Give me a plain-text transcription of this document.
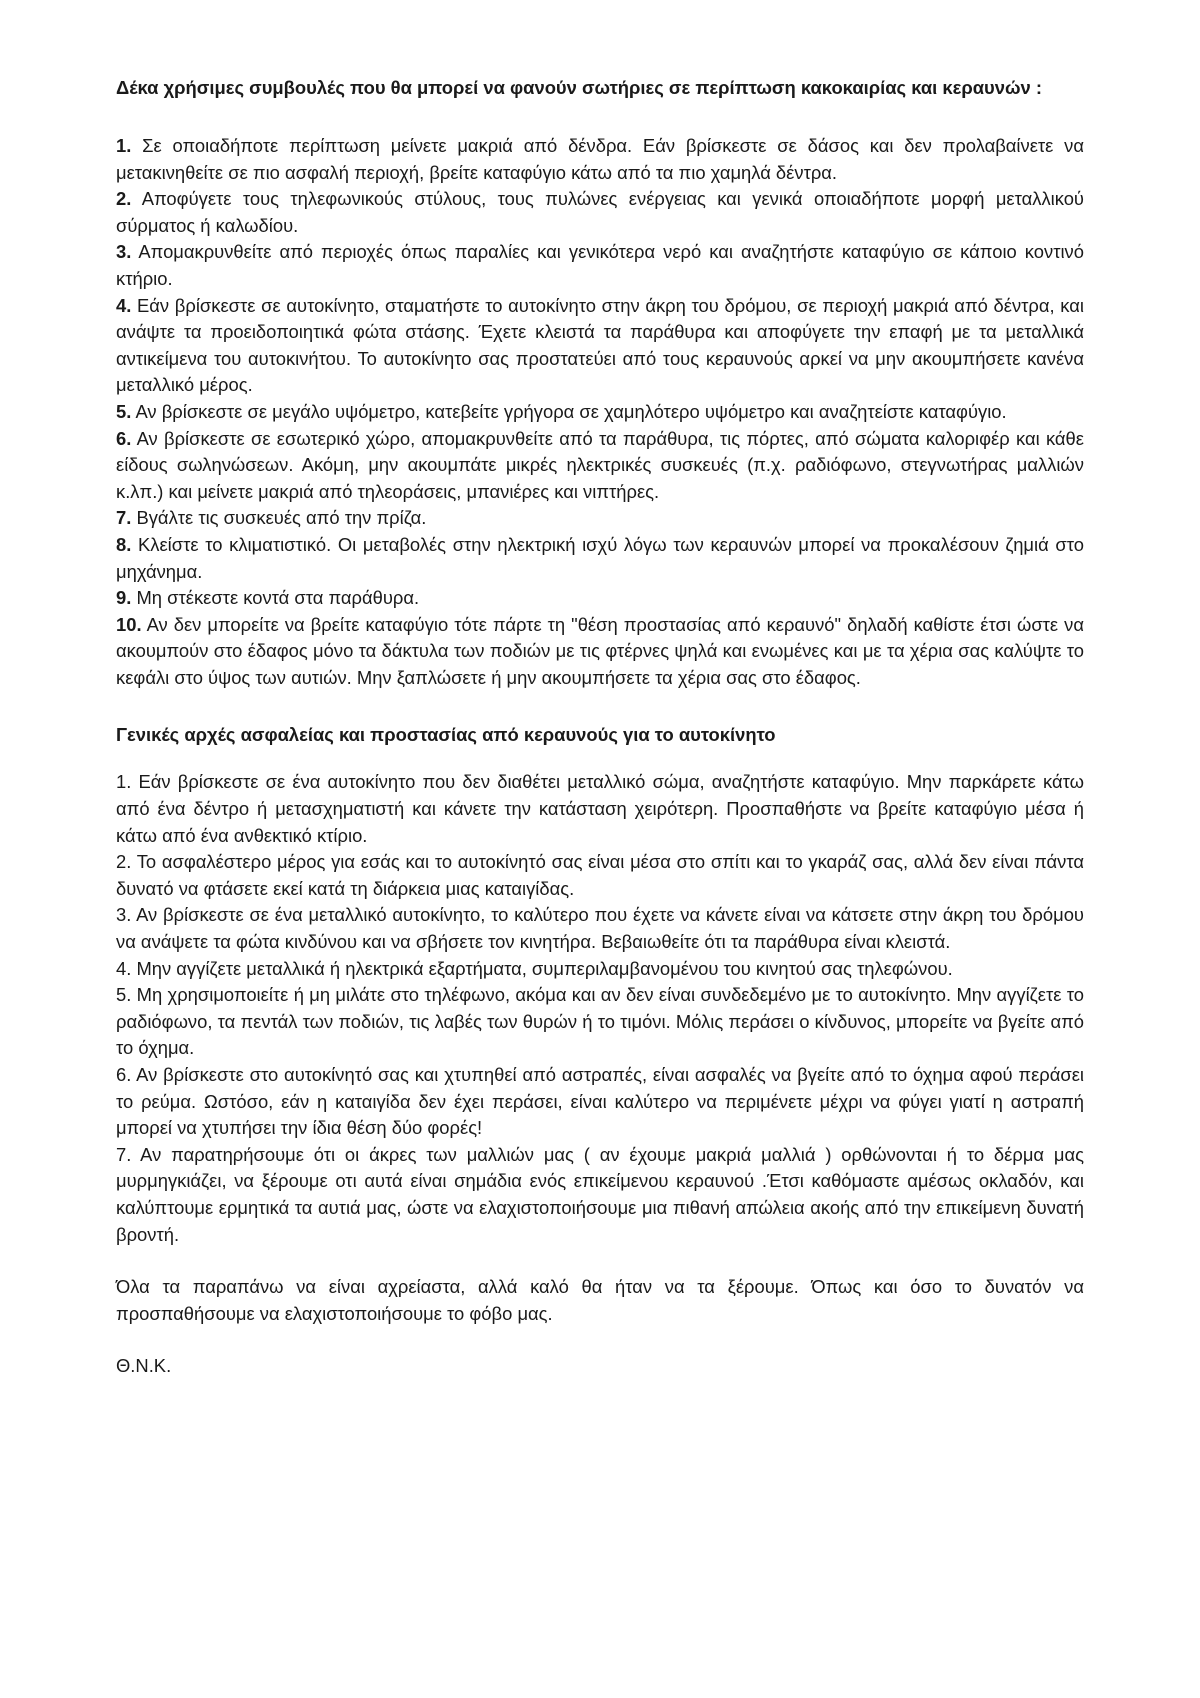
Δέκα χρήσιμες συμβουλές που θα μπορεί να φανούν σωτήριες σε περίπτωση κακοκαιρίας και κεραυνών :

1. Σε οποιαδήποτε περίπτωση μείνετε μακριά από δένδρα. Εάν βρίσκεστε σε δάσος και δεν προλαβαίνετε να μετακινηθείτε σε πιο ασφαλή περιοχή, βρείτε καταφύγιο κάτω από τα πιο χαμηλά δέντρα.

2. Αποφύγετε τους τηλεφωνικούς στύλους, τους πυλώνες ενέργειας και γενικά οποιαδήποτε μορφή μεταλλικού σύρματος ή καλωδίου.

3. Απομακρυνθείτε από περιοχές όπως παραλίες και γενικότερα νερό και αναζητήστε καταφύγιο σε κάποιο κοντινό κτήριο.

4. Εάν βρίσκεστε σε αυτοκίνητο, σταματήστε το αυτοκίνητο στην άκρη του δρόμου, σε περιοχή μακριά από δέντρα, και ανάψτε τα προειδοποιητικά φώτα στάσης. Έχετε κλειστά τα παράθυρα και αποφύγετε την επαφή με τα μεταλλικά αντικείμενα του αυτοκινήτου. Το αυτοκίνητο σας προστατεύει από τους κεραυνούς αρκεί να μην ακουμπήσετε κανένα μεταλλικό μέρος.

5. Αν βρίσκεστε σε μεγάλο υψόμετρο, κατεβείτε γρήγορα σε χαμηλότερο υψόμετρο και αναζητείστε καταφύγιο.

6. Αν βρίσκεστε σε εσωτερικό χώρο, απομακρυνθείτε από τα παράθυρα, τις πόρτες, από σώματα καλοριφέρ και κάθε είδους σωληνώσεων. Ακόμη, μην ακουμπάτε μικρές ηλεκτρικές συσκευές (π.χ. ραδιόφωνο, στεγνωτήρας μαλλιών κ.λπ.) και μείνετε μακριά από τηλεοράσεις, μπανιέρες και νιπτήρες.

7. Βγάλτε τις συσκευές από την πρίζα.

8. Κλείστε το κλιματιστικό. Οι μεταβολές στην ηλεκτρική ισχύ λόγω των κεραυνών μπορεί να προκαλέσουν ζημιά στο μηχάνημα.

9. Μη στέκεστε κοντά στα παράθυρα.

10. Αν δεν μπορείτε να βρείτε καταφύγιο τότε πάρτε τη "θέση προστασίας από κεραυνό" δηλαδή καθίστε έτσι ώστε να ακουμπούν στο έδαφος μόνο τα δάκτυλα των ποδιών με τις φτέρνες ψηλά και ενωμένες και με τα χέρια σας καλύψτε το κεφάλι στο ύψος των αυτιών. Μην ξαπλώσετε ή μην ακουμπήσετε τα χέρια σας στο έδαφος.

Γενικές αρχές ασφαλείας και προστασίας από κεραυνούς για το αυτοκίνητο

1. Εάν βρίσκεστε σε ένα αυτοκίνητο που δεν διαθέτει μεταλλικό σώμα, αναζητήστε καταφύγιο. Μην παρκάρετε κάτω από ένα δέντρο ή μετασχηματιστή και κάνετε την κατάσταση χειρότερη. Προσπαθήστε να βρείτε καταφύγιο μέσα ή κάτω από ένα ανθεκτικό κτίριο.

2. Το ασφαλέστερο μέρος για εσάς και το αυτοκίνητό σας είναι μέσα στο σπίτι και το γκαράζ σας, αλλά δεν είναι πάντα δυνατό να φτάσετε εκεί κατά τη διάρκεια μιας καταιγίδας.

3. Αν βρίσκεστε σε ένα μεταλλικό αυτοκίνητο, το καλύτερο που έχετε να κάνετε είναι να κάτσετε στην άκρη του δρόμου να ανάψετε τα φώτα κινδύνου και να σβήσετε τον κινητήρα. Βεβαιωθείτε ότι τα παράθυρα είναι κλειστά.

4. Μην αγγίζετε μεταλλικά ή ηλεκτρικά εξαρτήματα, συμπεριλαμβανομένου του κινητού σας τηλεφώνου.

5. Μη χρησιμοποιείτε ή μη μιλάτε στο τηλέφωνο, ακόμα και αν δεν είναι συνδεδεμένο με το αυτοκίνητο. Μην αγγίζετε το ραδιόφωνο, τα πεντάλ των ποδιών, τις λαβές των θυρών ή το τιμόνι. Μόλις περάσει ο κίνδυνος, μπορείτε να βγείτε από το όχημα.

6. Αν βρίσκεστε στο αυτοκίνητό σας και χτυπηθεί από αστραπές, είναι ασφαλές να βγείτε από το όχημα αφού περάσει το ρεύμα. Ωστόσο, εάν η καταιγίδα δεν έχει περάσει, είναι καλύτερο να περιμένετε μέχρι να φύγει γιατί η αστραπή μπορεί να χτυπήσει την ίδια θέση δύο φορές!

7. Αν παρατηρήσουμε ότι οι άκρες των μαλλιών μας ( αν έχουμε μακριά μαλλιά ) ορθώνονται ή το δέρμα μας μυρμηγκιάζει, να ξέρουμε οτι αυτά είναι σημάδια ενός επικείμενου κεραυνού .Έτσι καθόμαστε αμέσως οκλαδόν, και καλύπτουμε ερμητικά τα αυτιά μας, ώστε να ελαχιστοποιήσουμε μια πιθανή απώλεια ακοής από την επικείμενη δυνατή βροντή.

Όλα τα παραπάνω να είναι αχρείαστα, αλλά καλό θα ήταν να τα ξέρουμε. Όπως και όσο το δυνατόν να προσπαθήσουμε να ελαχιστοποιήσουμε το φόβο μας.

Θ.Ν.Κ.
